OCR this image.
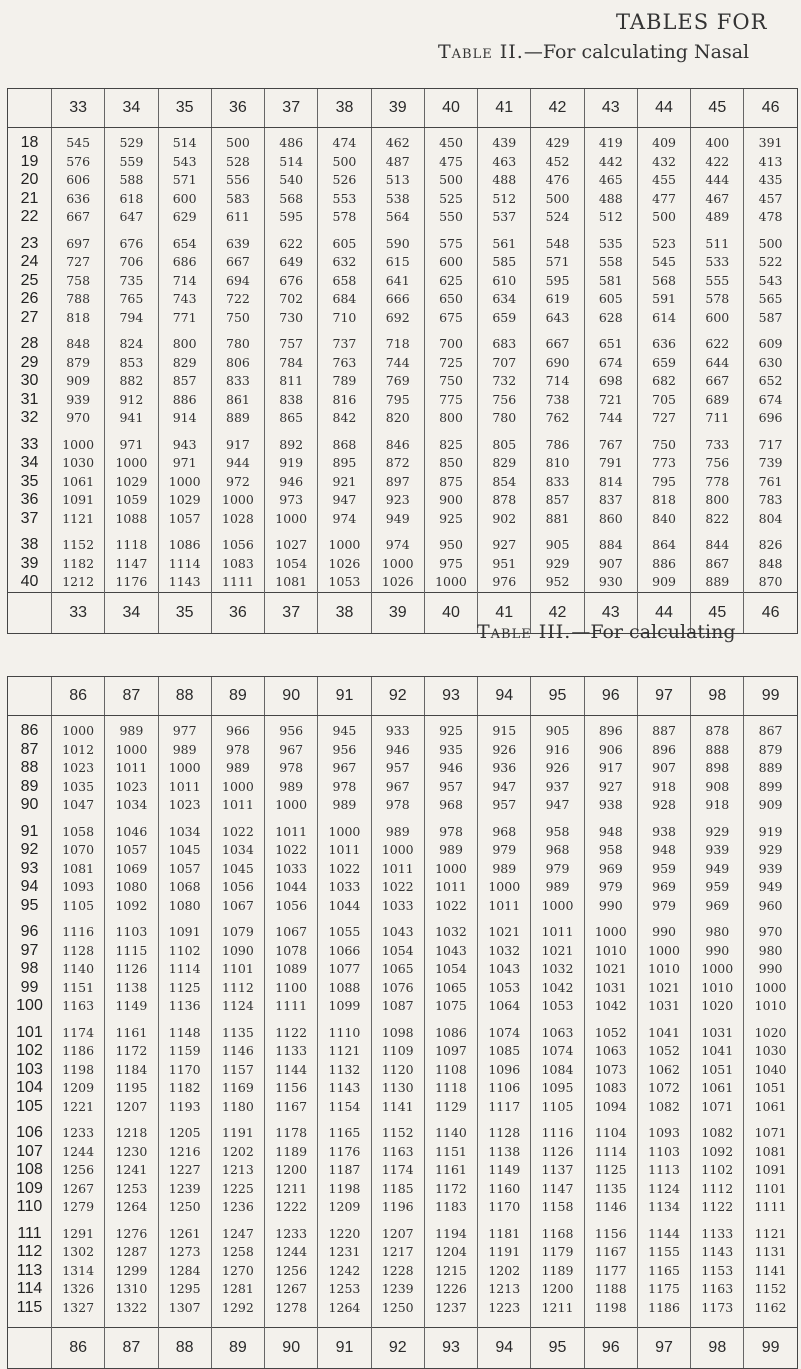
TABLES FOR
Table II.—For calculating Nasal
	33	34	35	36	37	38	39	40	41	42	43	44	45	46
18	545	529	514	500	486	474	462	450	439	429	419	409	400	391
19	576	559	543	528	514	500	487	475	463	452	442	432	422	413
20	606	588	571	556	540	526	513	500	488	476	465	455	444	435
21	636	618	600	583	568	553	538	525	512	500	488	477	467	457
22	667	647	629	611	595	578	564	550	537	524	512	500	489	478
23	697	676	654	639	622	605	590	575	561	548	535	523	511	500
24	727	706	686	667	649	632	615	600	585	571	558	545	533	522
25	758	735	714	694	676	658	641	625	610	595	581	568	555	543
26	788	765	743	722	702	684	666	650	634	619	605	591	578	565
27	818	794	771	750	730	710	692	675	659	643	628	614	600	587
28	848	824	800	780	757	737	718	700	683	667	651	636	622	609
29	879	853	829	806	784	763	744	725	707	690	674	659	644	630
30	909	882	857	833	811	789	769	750	732	714	698	682	667	652
31	939	912	886	861	838	816	795	775	756	738	721	705	689	674
32	970	941	914	889	865	842	820	800	780	762	744	727	711	696
33	1000	971	943	917	892	868	846	825	805	786	767	750	733	717
34	1030	1000	971	944	919	895	872	850	829	810	791	773	756	739
35	1061	1029	1000	972	946	921	897	875	854	833	814	795	778	761
36	1091	1059	1029	1000	973	947	923	900	878	857	837	818	800	783
37	1121	1088	1057	1028	1000	974	949	925	902	881	860	840	822	804
38	1152	1118	1086	1056	1027	1000	974	950	927	905	884	864	844	826
39	1182	1147	1114	1083	1054	1026	1000	975	951	929	907	886	867	848
40	1212	1176	1143	1111	1081	1053	1026	1000	976	952	930	909	889	870
	33	34	35	36	37	38	39	40	41	42	43	44	45	46
Table III.—For calculating
	86	87	88	89	90	91	92	93	94	95	96	97	98	99
86	1000	989	977	966	956	945	933	925	915	905	896	887	878	867
87	1012	1000	989	978	967	956	946	935	926	916	906	896	888	879
88	1023	1011	1000	989	978	967	957	946	936	926	917	907	898	889
89	1035	1023	1011	1000	989	978	967	957	947	937	927	918	908	899
90	1047	1034	1023	1011	1000	989	978	968	957	947	938	928	918	909
91	1058	1046	1034	1022	1011	1000	989	978	968	958	948	938	929	919
92	1070	1057	1045	1034	1022	1011	1000	989	979	968	958	948	939	929
93	1081	1069	1057	1045	1033	1022	1011	1000	989	979	969	959	949	939
94	1093	1080	1068	1056	1044	1033	1022	1011	1000	989	979	969	959	949
95	1105	1092	1080	1067	1056	1044	1033	1022	1011	1000	990	979	969	960
96	1116	1103	1091	1079	1067	1055	1043	1032	1021	1011	1000	990	980	970
97	1128	1115	1102	1090	1078	1066	1054	1043	1032	1021	1010	1000	990	980
98	1140	1126	1114	1101	1089	1077	1065	1054	1043	1032	1021	1010	1000	990
99	1151	1138	1125	1112	1100	1088	1076	1065	1053	1042	1031	1021	1010	1000
100	1163	1149	1136	1124	1111	1099	1087	1075	1064	1053	1042	1031	1020	1010
101	1174	1161	1148	1135	1122	1110	1098	1086	1074	1063	1052	1041	1031	1020
102	1186	1172	1159	1146	1133	1121	1109	1097	1085	1074	1063	1052	1041	1030
103	1198	1184	1170	1157	1144	1132	1120	1108	1096	1084	1073	1062	1051	1040
104	1209	1195	1182	1169	1156	1143	1130	1118	1106	1095	1083	1072	1061	1051
105	1221	1207	1193	1180	1167	1154	1141	1129	1117	1105	1094	1082	1071	1061
106	1233	1218	1205	1191	1178	1165	1152	1140	1128	1116	1104	1093	1082	1071
107	1244	1230	1216	1202	1189	1176	1163	1151	1138	1126	1114	1103	1092	1081
108	1256	1241	1227	1213	1200	1187	1174	1161	1149	1137	1125	1113	1102	1091
109	1267	1253	1239	1225	1211	1198	1185	1172	1160	1147	1135	1124	1112	1101
110	1279	1264	1250	1236	1222	1209	1196	1183	1170	1158	1146	1134	1122	1111
111	1291	1276	1261	1247	1233	1220	1207	1194	1181	1168	1156	1144	1133	1121
112	1302	1287	1273	1258	1244	1231	1217	1204	1191	1179	1167	1155	1143	1131
113	1314	1299	1284	1270	1256	1242	1228	1215	1202	1189	1177	1165	1153	1141
114	1326	1310	1295	1281	1267	1253	1239	1226	1213	1200	1188	1175	1163	1152
115	1327	1322	1307	1292	1278	1264	1250	1237	1223	1211	1198	1186	1173	1162
	86	87	88	89	90	91	92	93	94	95	96	97	98	99
